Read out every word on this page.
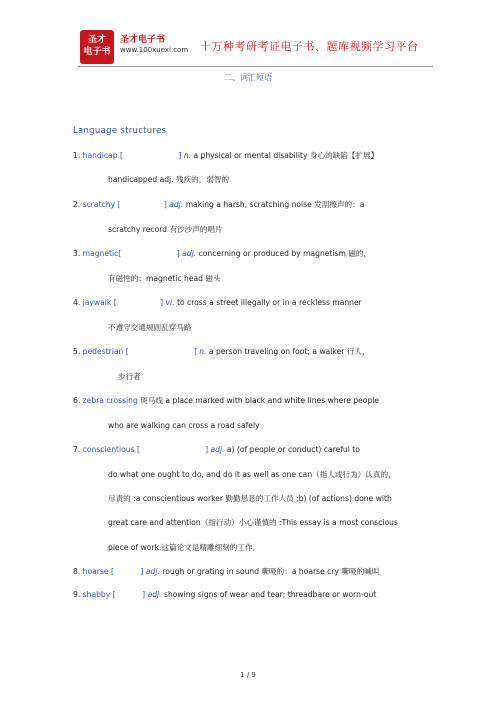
圣才
电子书
圣才电子书
www.100xuexi.com 十万种考研考证电子书、题库视频学习平台
二、词汇短语
Language structures
1. handicap [                       ] n. a physical or mental disability 身心的缺陷【扩展】
handicapped adj. 残疾的，弱智的
2. scratchy [                  ] adj. making a harsh, scratching noise 发刮擦声的：a
scratchy record 有沙沙声的唱片
3. magnetic[                       ] adj. concerning or produced by magnetism 磁的，
有磁性的：magnetic head 磁头
4. jaywalk [                  ] vi. to cross a street illegally or in a reckless manner
不遵守交通规则乱穿马路
5. pedestrian [                           ] n. a person traveling on foot; a walker 行人，
步行者
6. zebra crossing 斑马线 a place marked with black and white lines where people
who are walking can cross a road safely
7. conscientious [                           ] adj. a) (of people or conduct) careful to
do what one ought to do, and do it as well as one can（指人或行为）认真的，
尽责的 :a conscientious worker 勤勤恳恳的工作人员 ;b) (of actions) done with
great care and attention（指行动）小心谨慎的 :This essay is a most conscious
piece of work.这篇论文是精雕细刻的工作。
8. hoarse [           ] adj. rough or grating in sound 嘶哑的：a hoarse cry 嘶哑的喊叫
9. shabby [           ] adj. showing signs of wear and tear; threadbare or worn-out
1 / 9
